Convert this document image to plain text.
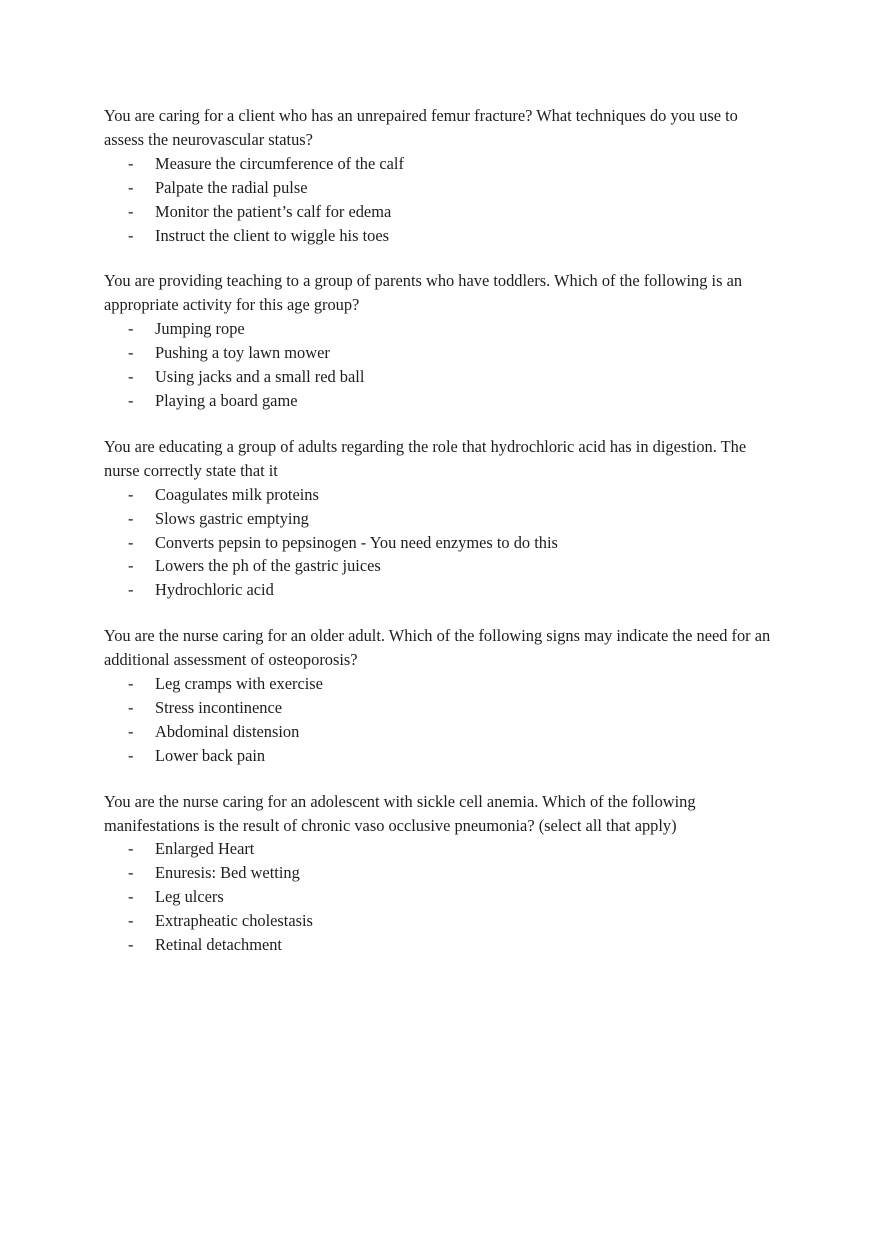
You are caring for a client who has an unrepaired femur fracture? What techniques do you use to assess the neurovascular status?

- Measure the circumference of the calf
- Palpate the radial pulse
- Monitor the patient’s calf for edema
- Instruct the client to wiggle his toes

You are providing teaching to a group of parents who have toddlers. Which of the following is an appropriate activity for this age group?

- Jumping rope
- Pushing a toy lawn mower
- Using jacks and a small red ball
- Playing a board game

You are educating a group of adults regarding the role that hydrochloric acid has in digestion. The nurse correctly state that it

- Coagulates milk proteins
- Slows gastric emptying
- Converts pepsin to pepsinogen - You need enzymes to do this
- Lowers the ph of the gastric juices
- Hydrochloric acid

You are the nurse caring for an older adult. Which of the following signs may indicate the need for an additional assessment of osteoporosis?

- Leg cramps with exercise
- Stress incontinence
- Abdominal distension
- Lower back pain

You are the nurse caring for an adolescent with sickle cell anemia. Which of the following manifestations is the result of chronic vaso occlusive pneumonia? (select all that apply)

- Enlarged Heart
- Enuresis: Bed wetting
- Leg ulcers
- Extrapheatic cholestasis
- Retinal detachment
